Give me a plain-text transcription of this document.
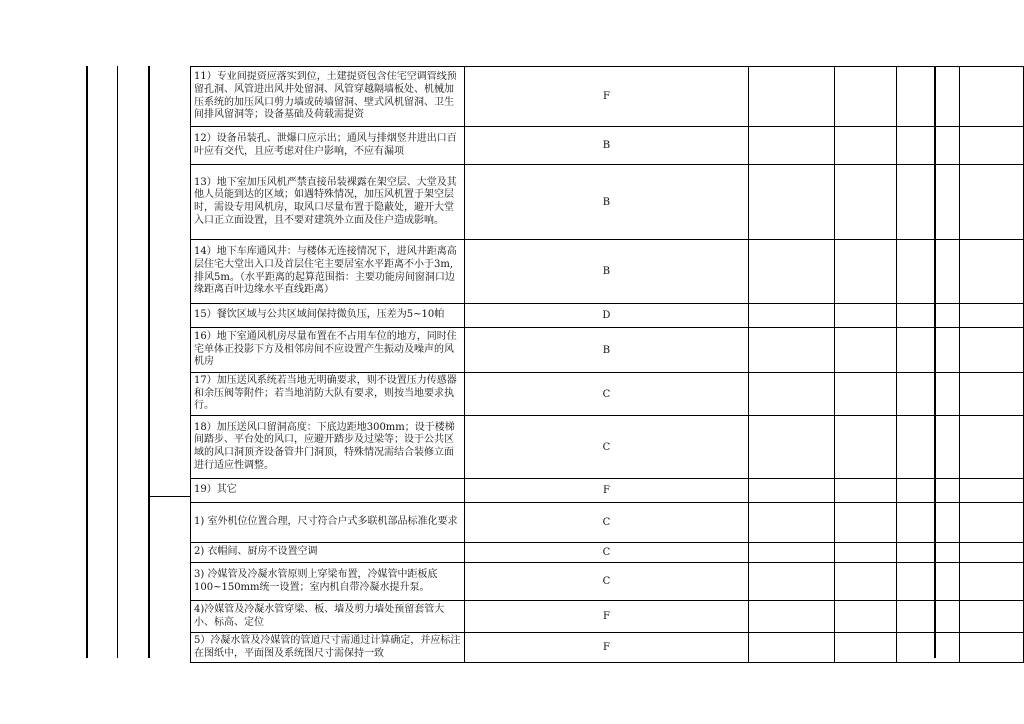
11）专业间提资应落实到位，土建提资包含住宅空调管线预留孔洞、风管进出风井处留洞、风管穿越隔墙板处、机械加压系统的加压风口剪力墙或砖墙留洞、壁式风机留洞、卫生间排风留洞等；设备基础及荷载需提资	F				
12）设备吊装孔、泄爆口应示出；通风与排烟竖井进出口百叶应有交代，且应考虑对住户影响，不应有漏项	B				
13）地下室加压风机严禁直接吊装裸露在架空层、大堂及其他人员能到达的区域；如遇特殊情况，加压风机置于架空层时，需设专用风机房，取风口尽量布置于隐蔽处，避开大堂入口正立面设置，且不要对建筑外立面及住户造成影响。	B				
14）地下车库通风井：与楼体无连接情况下，进风井距离高层住宅大堂出入口及首层住宅主要居室水平距离不小于3m,排风5m。（水平距离的起算范围指：主要功能房间窗洞口边缘距离百叶边缘水平直线距离）	B				
15）餐饮区域与公共区域间保持微负压，压差为5~10帕	D				
16）地下室通风机房尽量布置在不占用车位的地方，同时住宅单体正投影下方及相邻房间不应设置产生振动及噪声的风机房	B				
17）加压送风系统若当地无明确要求，则不设置压力传感器和余压阀等附件；若当地消防大队有要求，则按当地要求执行。	C				
18）加压送风口留洞高度：下底边距地300mm；设于楼梯间踏步、平台处的风口，应避开踏步及过梁等；设于公共区域的风口洞顶齐设备管井门洞顶，特殊情况需结合装修立面进行适应性调整。	C				
19）其它	F				
1) 室外机位位置合理，尺寸符合户式多联机部品标准化要求	C				
2) 衣帽间、厨房不设置空调	C				
3) 冷媒管及冷凝水管原则上穿梁布置，冷媒管中距板底100~150mm统一设置；室内机自带冷凝水提升泵。	C				
4)冷媒管及冷凝水管穿梁、板、墙及剪力墙处预留套管大小、标高、定位	F				
5）冷凝水管及冷媒管的管道尺寸需通过计算确定，并应标注在图纸中，平面图及系统图尺寸需保持一致	F				
